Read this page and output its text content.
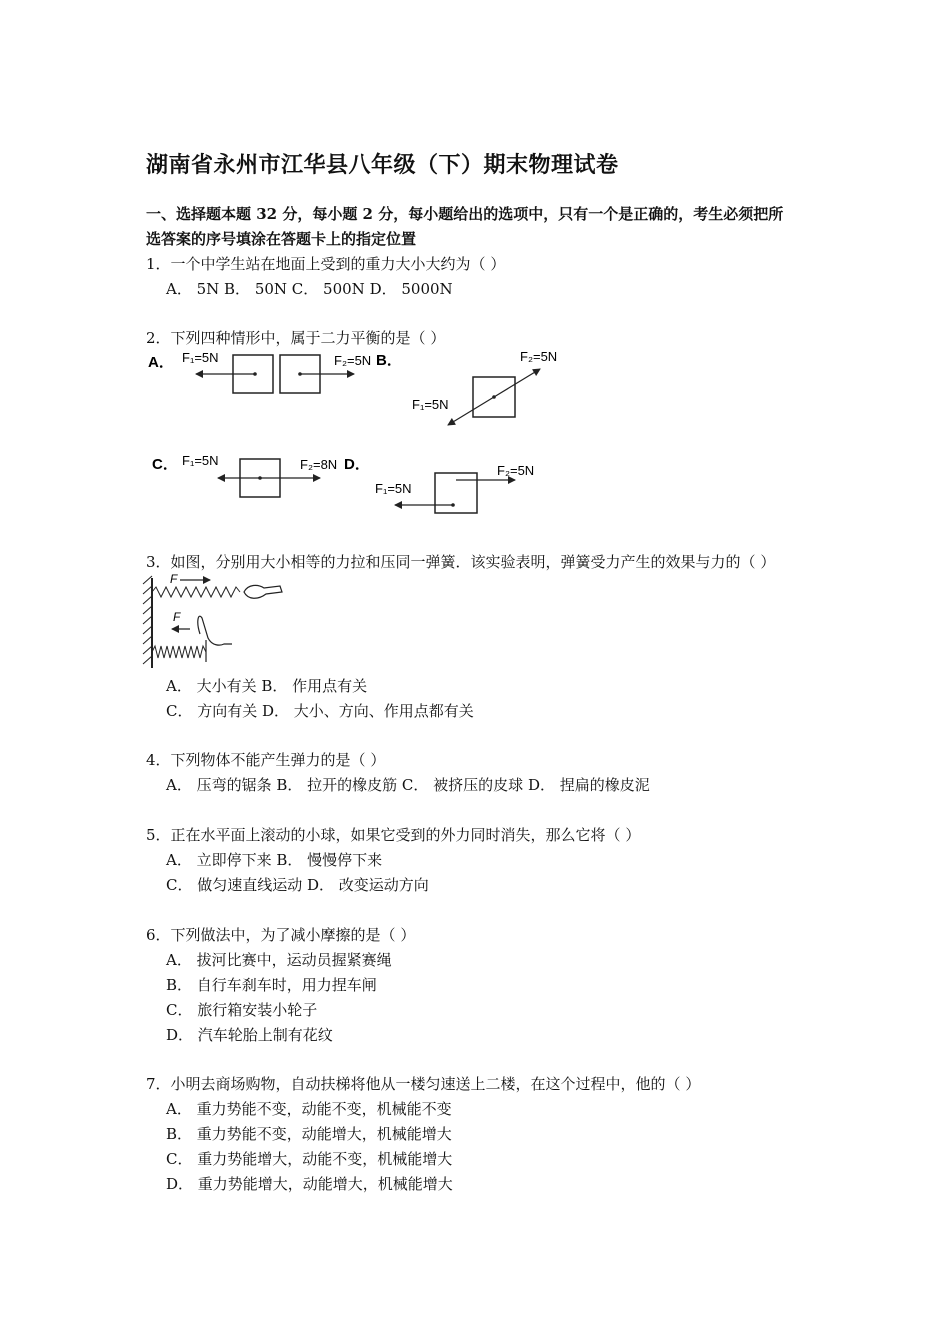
湖南省永州市江华县八年级（下）期末物理试卷
一、选择题本题 32 分，每小题 2 分，每小题给出的选项中，只有一个是正确的，考生必须把所
选答案的序号填涂在答题卡上的指定位置
1．一个中学生站在地面上受到的重力大小大约为（ ）
A． 5N B． 50N C． 500N D． 5000N
2．下列四种情形中，属于二力平衡的是（ ）
A． F₁=5N	F₂=5N B．	F₂=5N
F₁=5N
C． F₁=5N	F₂=8N D．
F₁=5N
F₂=5N
3．如图，分别用大小相等的力拉和压同一弹簧．该实验表明，弹簧受力产生的效果与力的（ ）
F
F
A． 大小有关 B． 作用点有关
C． 方向有关 D． 大小、方向、作用点都有关
4．下列物体不能产生弹力的是（ ）
A． 压弯的锯条 B． 拉开的橡皮筋 C． 被挤压的皮球 D． 捏扁的橡皮泥
5．正在水平面上滚动的小球，如果它受到的外力同时消失，那么它将（ ）
A． 立即停下来 B． 慢慢停下来
C． 做匀速直线运动 D． 改变运动方向
6．下列做法中，为了减小摩擦的是（ ）
A． 拔河比赛中，运动员握紧赛绳
B． 自行车刹车时，用力捏车闸
C． 旅行箱安装小轮子
D． 汽车轮胎上制有花纹
7．小明去商场购物，自动扶梯将他从一楼匀速送上二楼，在这个过程中，他的（ ）
A． 重力势能不变，动能不变，机械能不变
B． 重力势能不变，动能增大，机械能增大
C． 重力势能增大，动能不变，机械能增大
D． 重力势能增大，动能增大，机械能增大
